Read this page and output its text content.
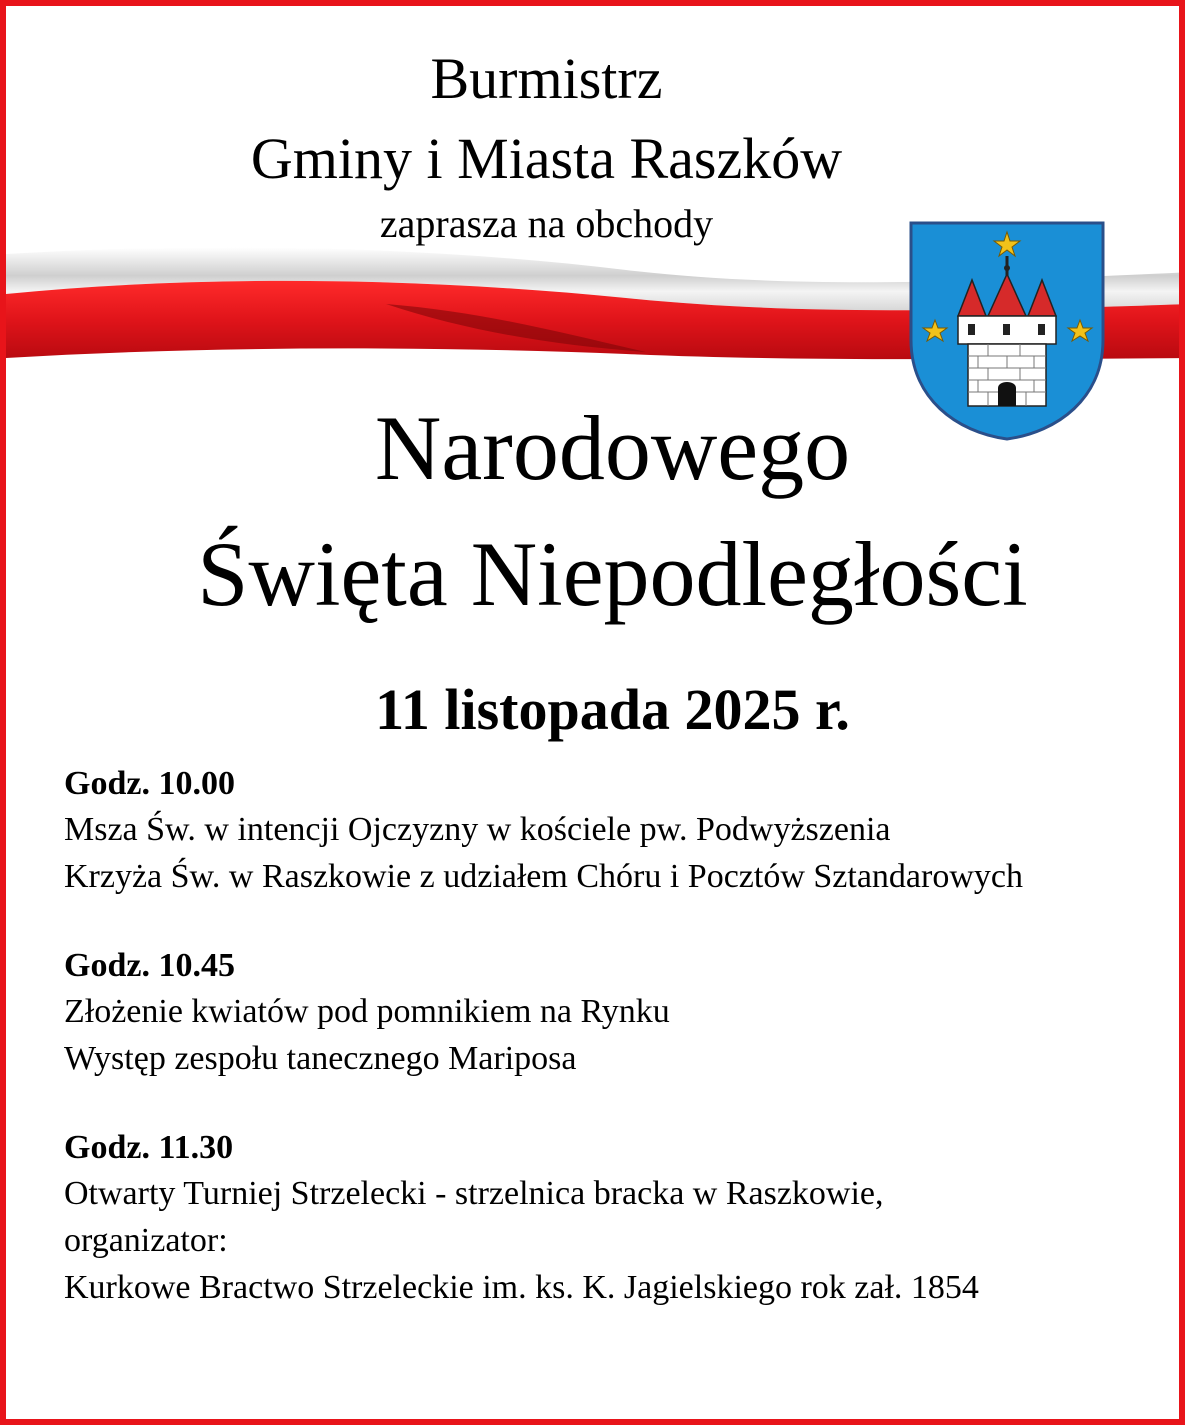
Burmistrz
Gminy i Miasta Raszków
zaprasza na obchody
Narodowego
Święta Niepodległości
11 listopada 2025 r.
Godz. 10.00
Msza Św. w intencji Ojczyzny w kościele pw. Podwyższenia
Krzyża Św. w Raszkowie z udziałem Chóru i Pocztów Sztandarowych
Godz. 10.45
Złożenie kwiatów pod pomnikiem na Rynku
Występ zespołu tanecznego Mariposa
Godz. 11.30
Otwarty Turniej Strzelecki - strzelnica bracka w Raszkowie,
organizator:
Kurkowe Bractwo Strzeleckie im. ks. K. Jagielskiego rok zał. 1854
